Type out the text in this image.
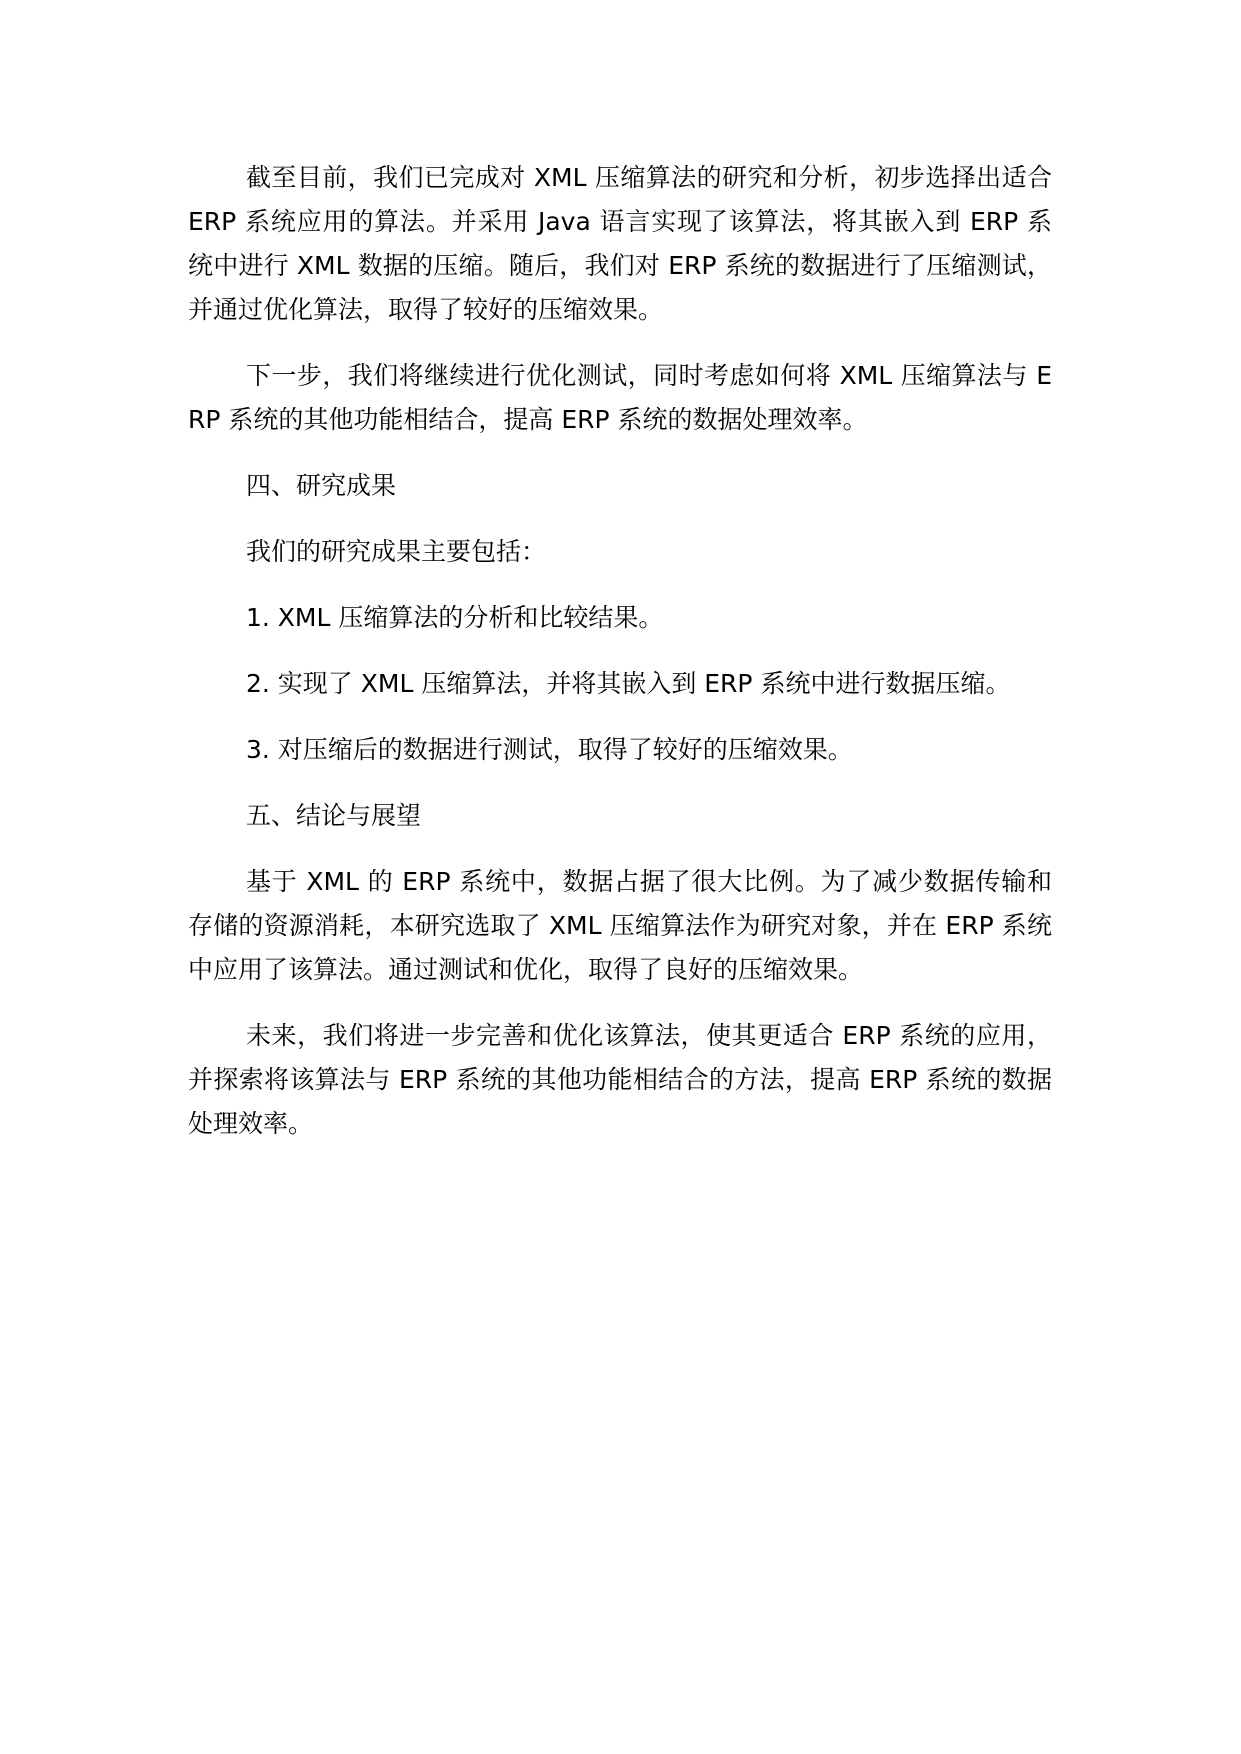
截至目前，我们已完成对 XML 压缩算法的研究和分析，初步选择出适合 ERP 系统应用的算法。并采用 Java 语言实现了该算法，将其嵌入到 ERP 系统中进行 XML 数据的压缩。随后，我们对 ERP 系统的数据进行了压缩测试，并通过优化算法，取得了较好的压缩效果。

下一步，我们将继续进行优化测试，同时考虑如何将 XML 压缩算法与 ERP 系统的其他功能相结合，提高 ERP 系统的数据处理效率。

四、研究成果
我们的研究成果主要包括：
1. XML 压缩算法的分析和比较结果。
2. 实现了 XML 压缩算法，并将其嵌入到 ERP 系统中进行数据压缩。
3. 对压缩后的数据进行测试，取得了较好的压缩效果。
五、结论与展望

基于 XML 的 ERP 系统中，数据占据了很大比例。为了减少数据传输和存储的资源消耗，本研究选取了 XML 压缩算法作为研究对象，并在 ERP 系统中应用了该算法。通过测试和优化，取得了良好的压缩效果。

未来，我们将进一步完善和优化该算法，使其更适合 ERP 系统的应用，并探索将该算法与 ERP 系统的其他功能相结合的方法，提高 ERP 系统的数据处理效率。
